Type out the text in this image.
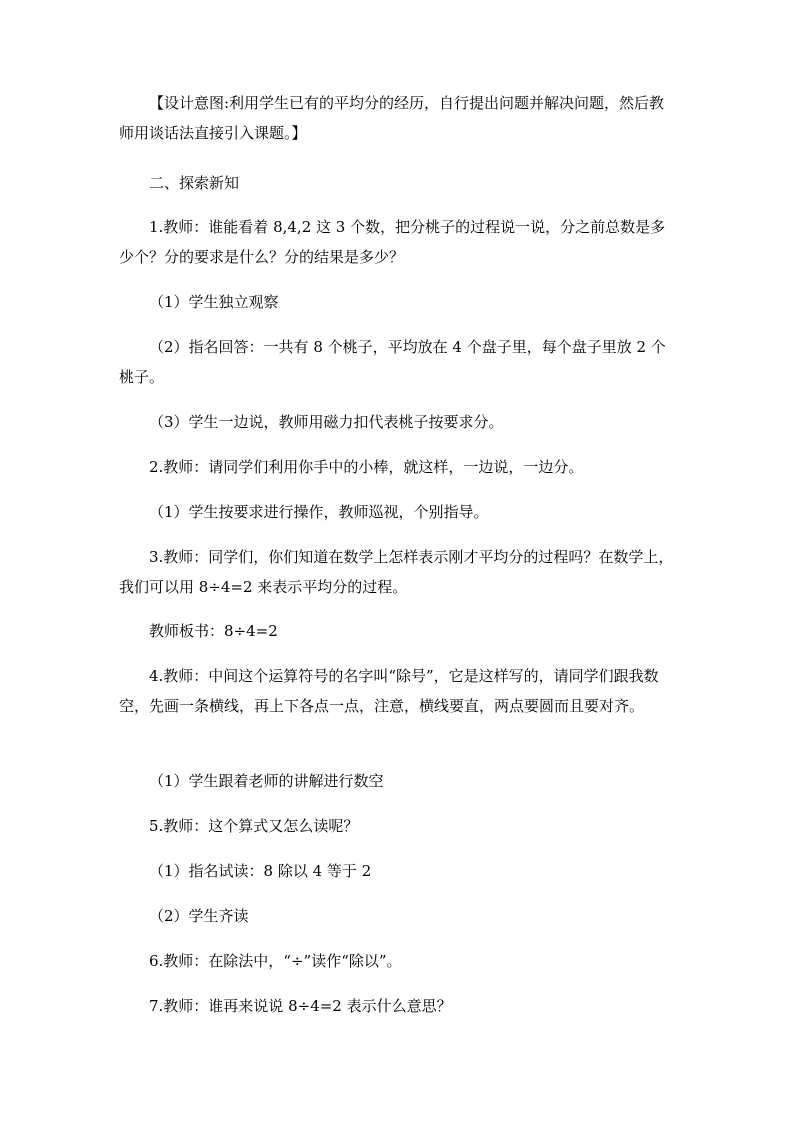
【设计意图:利用学生已有的平均分的经历，自行提出问题并解决问题，然后教师用谈话法直接引入课题。】

二、探索新知

1.教师：谁能看着 8,4,2 这 3 个数，把分桃子的过程说一说，分之前总数是多少个？分的要求是什么？分的结果是多少？

（1）学生独立观察

（2）指名回答：一共有 8 个桃子，平均放在 4 个盘子里，每个盘子里放 2 个桃子。

（3）学生一边说，教师用磁力扣代表桃子按要求分。

2.教师：请同学们利用你手中的小棒，就这样，一边说，一边分。

（1）学生按要求进行操作，教师巡视，个别指导。

3.教师：同学们，你们知道在数学上怎样表示刚才平均分的过程吗？在数学上，我们可以用 8÷4=2 来表示平均分的过程。

教师板书：8÷4=2

4.教师：中间这个运算符号的名字叫“除号”，它是这样写的，请同学们跟我数空，先画一条横线，再上下各点一点，注意，横线要直，两点要圆而且要对齐。

（1）学生跟着老师的讲解进行数空

5.教师：这个算式又怎么读呢？

（1）指名试读：8 除以 4 等于 2

（2）学生齐读

6.教师：在除法中，“÷”读作“除以”。

7.教师：谁再来说说 8÷4=2 表示什么意思？
